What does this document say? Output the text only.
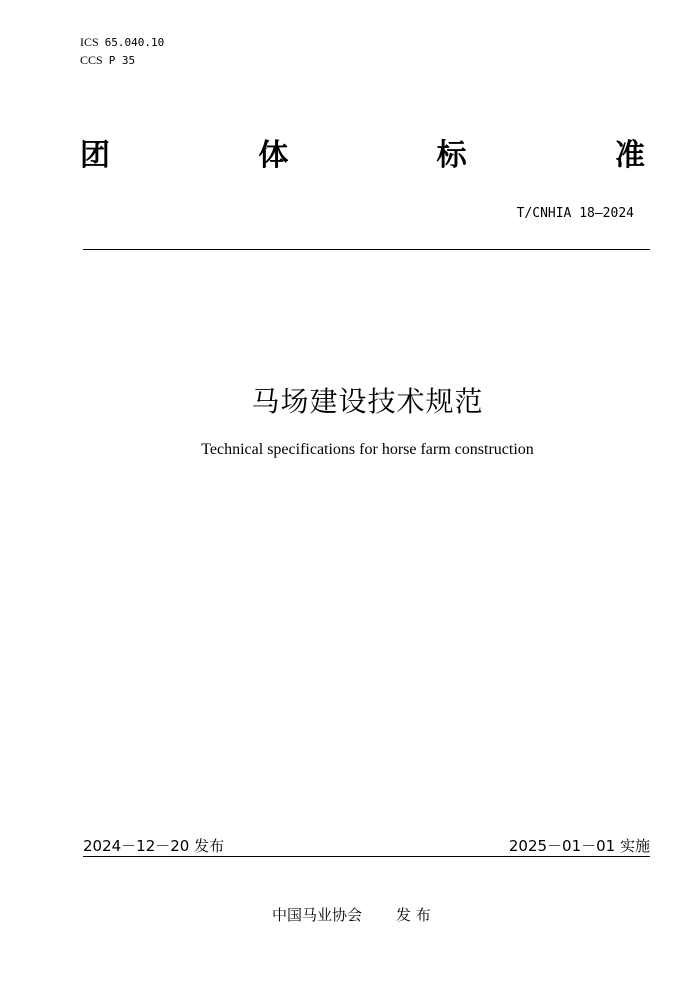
ICS 65.040.10
CCS P 35
团	体	标	准
T/CNHIA 18—2024
马场建设技术规范
Technical specifications for horse farm construction
2024－12－20 发布	2025－01－01 实施
中国马业协会 发 布
